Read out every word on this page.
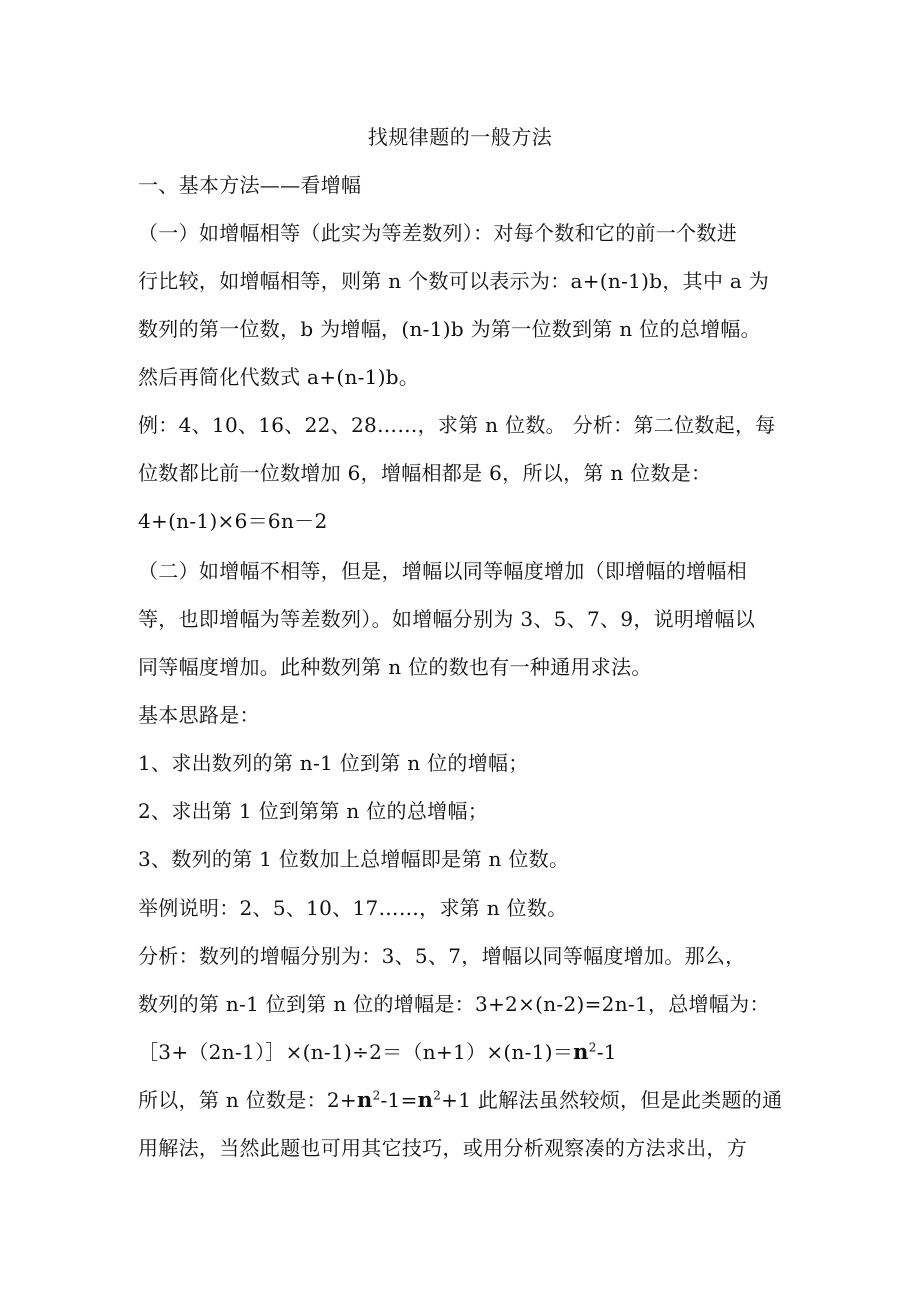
找规律题的一般方法
一、基本方法——看增幅
（一）如增幅相等（此实为等差数列）：对每个数和它的前一个数进
行比较，如增幅相等，则第 n 个数可以表示为：a+(n-1)b，其中 a 为
数列的第一位数，b 为增幅，(n-1)b 为第一位数到第 n 位的总增幅。
然后再简化代数式 a+(n-1)b。
例：4、10、16、22、28……，求第 n 位数。 分析：第二位数起，每
位数都比前一位数增加 6，增幅相都是 6，所以，第 n 位数是：
4+(n-1)×6＝6n－2
（二）如增幅不相等，但是，增幅以同等幅度增加（即增幅的增幅相
等，也即增幅为等差数列）。如增幅分别为 3、5、7、9，说明增幅以
同等幅度增加。此种数列第 n 位的数也有一种通用求法。
基本思路是：
1、求出数列的第 n-1 位到第 n 位的增幅；
2、求出第 1 位到第第 n 位的总增幅；
3、数列的第 1 位数加上总增幅即是第 n 位数。
举例说明：2、5、10、17……，求第 n 位数。
分析：数列的增幅分别为：3、5、7，增幅以同等幅度增加。那么，
数列的第 n-1 位到第 n 位的增幅是：3+2×(n-2)=2n-1，总增幅为：
$[3+(2n-1)]\times(n-1)\div 2=(n+1)\times(n-1)=n^2-1$
所以，第 n 位数是：$2+n^2-1=n^2+1$ 此解法虽然较烦，但是此类题的通
用解法，当然此题也可用其它技巧，或用分析观察凑的方法求出，方
